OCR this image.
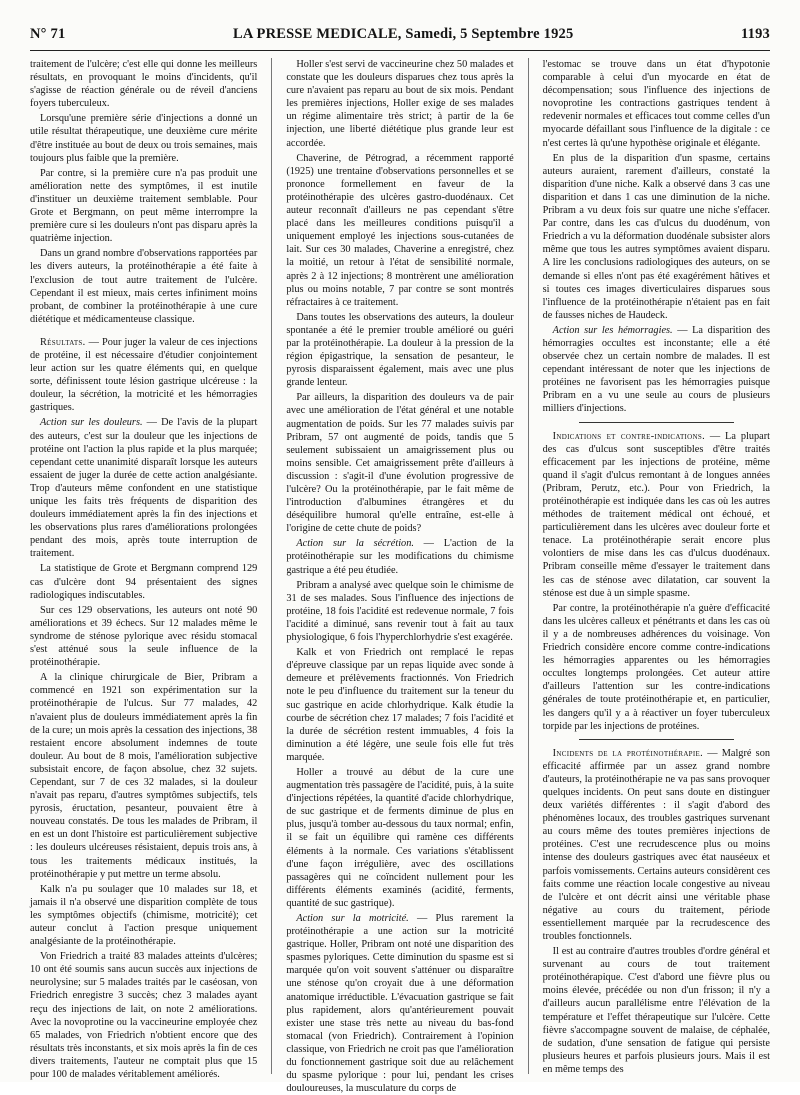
N° 71	LA PRESSE MEDICALE, Samedi, 5 Septembre 1925	1193

traitement de l'ulcère; c'est elle qui donne les meilleurs résultats, en provoquant le moins d'incidents, qu'il s'agisse de réaction générale ou de réveil d'anciens foyers tuberculeux.

Lorsqu'une première série d'injections a donné un utile résultat thérapeutique, une deuxième cure mérite d'être instituée au bout de deux ou trois semaines, mais toujours plus faible que la première.

Par contre, si la première cure n'a pas produit une amélioration nette des symptômes, il est inutile d'instituer un deuxième traitement semblable. Pour Grote et Bergmann, on peut même interrompre la première cure si les douleurs n'ont pas disparu après la quatrième injection.

Dans un grand nombre d'observations rapportées par les divers auteurs, la protéinothérapie a été faite à l'exclusion de tout autre traitement de l'ulcère. Cependant il est mieux, mais certes infiniment moins probant, de combiner la protéinothérapie à une cure diététique et médicamenteuse classique.

Résultats. — Pour juger la valeur de ces injections de protéine, il est nécessaire d'étudier conjointement leur action sur les quatre éléments qui, en quelque sorte, définissent toute lésion gastrique ulcéreuse : la douleur, la sécrétion, la motricité et les hémorragies gastriques.

Action sur les douleurs. — De l'avis de la plupart des auteurs, c'est sur la douleur que les injections de protéine ont l'action la plus rapide et la plus marquée; cependant cette unanimité disparaît lorsque les auteurs essaient de juger la durée de cette action analgésiante. Trop d'auteurs même confondent en une statistique unique les faits très fréquents de disparition des douleurs immédiatement après la fin des injections et les observations plus rares d'améliorations prolongées pendant des mois, après toute interruption de traitement.

La statistique de Grote et Bergmann comprend 129 cas d'ulcère dont 94 présentaient des signes radiologiques indiscutables.

Sur ces 129 observations, les auteurs ont noté 90 améliorations et 39 échecs. Sur 12 malades même le syndrome de sténose pylorique avec résidu stomacal s'est atténué sous la seule influence de la protéinothérapie.

A la clinique chirurgicale de Bier, Pribram a commencé en 1921 son expérimentation sur la protéinothérapie de l'ulcus. Sur 77 malades, 42 n'avaient plus de douleurs immédiatement après la fin de la cure; un mois après la cessation des injections, 38 restaient encore absolument indemnes de toute douleur. Au bout de 8 mois, l'amélioration subjective subsistait encore, de façon absolue, chez 32 sujets. Cependant, sur 7 de ces 32 malades, si la douleur n'avait pas reparu, d'autres symptômes subjectifs, tels pyrosis, éructation, pesanteur, pouvaient être à nouveau constatés. De tous les malades de Pribram, il en est un dont l'histoire est particulièrement subjective : les douleurs ulcéreuses résistaient, depuis trois ans, à tous les traitements médicaux institués, la protéinothérapie y put mettre un terme absolu.

Kalk n'a pu soulager que 10 malades sur 18, et jamais il n'a observé une disparition complète de tous les symptômes objectifs (chimisme, motricité); cet auteur conclut à l'action presque uniquement analgésiante de la protéinothérapie.

Von Friedrich a traité 83 malades atteints d'ulcères; 10 ont été soumis sans aucun succès aux injections de neurolysine; sur 5 malades traités par le caséosan, von Friedrich enregistre 3 succès; chez 3 malades ayant reçu des injections de lait, on note 2 améliorations. Avec la novoprotine ou la vaccineurine employée chez 65 malades, von Friedrich n'obtient encore que des résultats très inconstants, et six mois après la fin de ces divers traitements, l'auteur ne comptait plus que 15 pour 100 de malades véritablement améliorés.

Holler s'est servi de vaccineurine chez 50 malades et constate que les douleurs disparues chez tous après la cure n'avaient pas reparu au bout de six mois. Pendant les premières injections, Holler exige de ses malades un régime alimentaire très strict; à partir de la 6e injection, une liberté diététique plus grande leur est accordée.

Chaverine, de Pétrograd, a récemment rapporté (1925) une trentaine d'observations personnelles et se prononce formellement en faveur de la protéinothérapie des ulcères gastro-duodénaux. Cet auteur reconnaît d'ailleurs ne pas cependant s'être placé dans les meilleures conditions puisqu'il a uniquement employé les injections sous-cutanées de lait. Sur ces 30 malades, Chaverine a enregistré, chez la moitié, un retour à l'état de sensibilité normale, après 2 à 12 injections; 8 montrèrent une amélioration plus ou moins notable, 7 par contre se sont montrés réfractaires à ce traitement.

Dans toutes les observations des auteurs, la douleur spontanée a été le premier trouble amélioré ou guéri par la protéinothérapie. La douleur à la pression de la région épigastrique, la sensation de pesanteur, le pyrosis disparaissent également, mais avec une plus grande lenteur.

Par ailleurs, la disparition des douleurs va de pair avec une amélioration de l'état général et une notable augmentation de poids. Sur les 77 malades suivis par Pribram, 57 ont augmenté de poids, tandis que 5 seulement subissaient un amaigrissement plus ou moins sensible. Cet amaigrissement prête d'ailleurs à discussion : s'agit-il d'une évolution progressive de l'ulcère? Ou la protéinothérapie, par le fait même de l'introduction d'albumines étrangères et du déséquilibre humoral qu'elle entraîne, est-elle à l'origine de cette chute de poids?

Action sur la sécrétion. — L'action de la protéinothérapie sur les modifications du chimisme gastrique a été peu étudiée.

Pribram a analysé avec quelque soin le chimisme de 31 de ses malades. Sous l'influence des injections de protéine, 18 fois l'acidité est redevenue normale, 7 fois l'acidité a diminué, sans revenir tout à fait au taux physiologique, 6 fois l'hyperchlorhydrie s'est exagérée.

Kalk et von Friedrich ont remplacé le repas d'épreuve classique par un repas liquide avec sonde à demeure et prélèvements fractionnés. Von Friedrich note le peu d'influence du traitement sur la teneur du suc gastrique en acide chlorhydrique. Kalk étudie la courbe de sécrétion chez 17 malades; 7 fois l'acidité et la durée de sécrétion restent immuables, 4 fois la diminution a été légère, une seule fois elle fut très marquée.

Holler a trouvé au début de la cure une augmentation très passagère de l'acidité, puis, à la suite d'injections répétées, la quantité d'acide chlorhydrique, de suc gastrique et de ferments diminue de plus en plus, jusqu'à tomber au-dessous du taux normal; enfin, il se fait un équilibre qui ramène ces différents éléments à la normale. Ces variations s'établissent d'une façon irrégulière, avec des oscillations passagères qui ne coïncident nullement pour les différents éléments examinés (acidité, ferments, quantité de suc gastrique).

Action sur la motricité. — Plus rarement la protéinothérapie a une action sur la motricité gastrique. Holler, Pribram ont noté une disparition des spasmes pyloriques. Cette diminution du spasme est si marquée qu'on voit souvent s'atténuer ou disparaître une sténose qu'on croyait due à une déformation anatomique irréductible. L'évacuation gastrique se fait plus rapidement, alors qu'antérieurement pouvait exister une stase très nette au niveau du bas-fond stomacal (von Friedrich). Contrairement à l'opinion classique, von Friedrich ne croit pas que l'amélioration du fonctionnement gastrique soit due au relâchement du spasme pylorique : pour lui, pendant les crises douloureuses, la musculature du corps de

l'estomac se trouve dans un état d'hypotonie comparable à celui d'un myocarde en état de décompensation; sous l'influence des injections de novoprotine les contractions gastriques tendent à redevenir normales et efficaces tout comme celles d'un myocarde défaillant sous l'influence de la digitale : ce n'est certes là qu'une hypothèse originale et élégante.

En plus de la disparition d'un spasme, certains auteurs auraient, rarement d'ailleurs, constaté la disparition d'une niche. Kalk a observé dans 3 cas une disparition et dans 1 cas une diminution de la niche. Pribram a vu deux fois sur quatre une niche s'effacer. Par contre, dans les cas d'ulcus du duodénum, von Friedrich a vu la déformation duodénale subsister alors même que tous les autres symptômes avaient disparu. A lire les conclusions radiologiques des auteurs, on se demande si elles n'ont pas été exagérément hâtives et si toutes ces images diverticulaires disparues sous l'influence de la protéinothérapie n'étaient pas en fait de fausses niches de Haudeck.

Action sur les hémorragies. — La disparition des hémorragies occultes est inconstante; elle a été observée chez un certain nombre de malades. Il est cependant intéressant de noter que les injections de protéines ne favorisent pas les hémorragies puisque Pribram en a vu une seule au cours de plusieurs milliers d'injections.

Indications et contre-indications. — La plupart des cas d'ulcus sont susceptibles d'être traités efficacement par les injections de protéine, même quand il s'agit d'ulcus remontant à de longues années (Pribram, Perutz, etc.). Pour von Friedrich, la protéinothérapie est indiquée dans les cas où les autres méthodes de traitement médical ont échoué, et particulièrement dans les ulcères avec douleur forte et tenace. La protéinothérapie serait encore plus volontiers de mise dans les cas d'ulcus duodénaux. Pribram conseille même d'essayer le traitement dans les cas de sténose avec dilatation, car souvent la sténose est due à un simple spasme.

Par contre, la protéinothérapie n'a guère d'efficacité dans les ulcères calleux et pénétrants et dans les cas où il y a de nombreuses adhérences du voisinage. Von Friedrich considère encore comme contre-indications les hémorragies apparentes ou les hémorragies occultes longtemps prolongées. Cet auteur attire d'ailleurs l'attention sur les contre-indications générales de toute protéinothérapie et, en particulier, les dangers qu'il y a à réactiver un foyer tuberculeux torpide par les injections de protéines.

Incidents de la protéinothérapie. — Malgré son efficacité affirmée par un assez grand nombre d'auteurs, la protéinothérapie ne va pas sans provoquer quelques incidents. On peut sans doute en distinguer deux variétés différentes : il s'agit d'abord des phénomènes locaux, des troubles gastriques survenant au cours même des toutes premières injections de protéines. C'est une recrudescence plus ou moins intense des douleurs gastriques avec état nauséeux et parfois vomissements. Certains auteurs considèrent ces faits comme une réaction locale congestive au niveau de l'ulcère et ont décrit ainsi une véritable phase négative au cours du traitement, période essentiellement marquée par la recrudescence des troubles fonctionnels.

Il est au contraire d'autres troubles d'ordre général et survenant au cours de tout traitement protéinothérapique. C'est d'abord une fièvre plus ou moins élevée, précédée ou non d'un frisson; il n'y a d'ailleurs aucun parallélisme entre l'élévation de la température et l'effet thérapeutique sur l'ulcère. Cette fièvre s'accompagne souvent de malaise, de céphalée, de sudation, d'une sensation de fatigue qui persiste plusieurs heures et parfois plusieurs jours. Mais il est en même temps des
